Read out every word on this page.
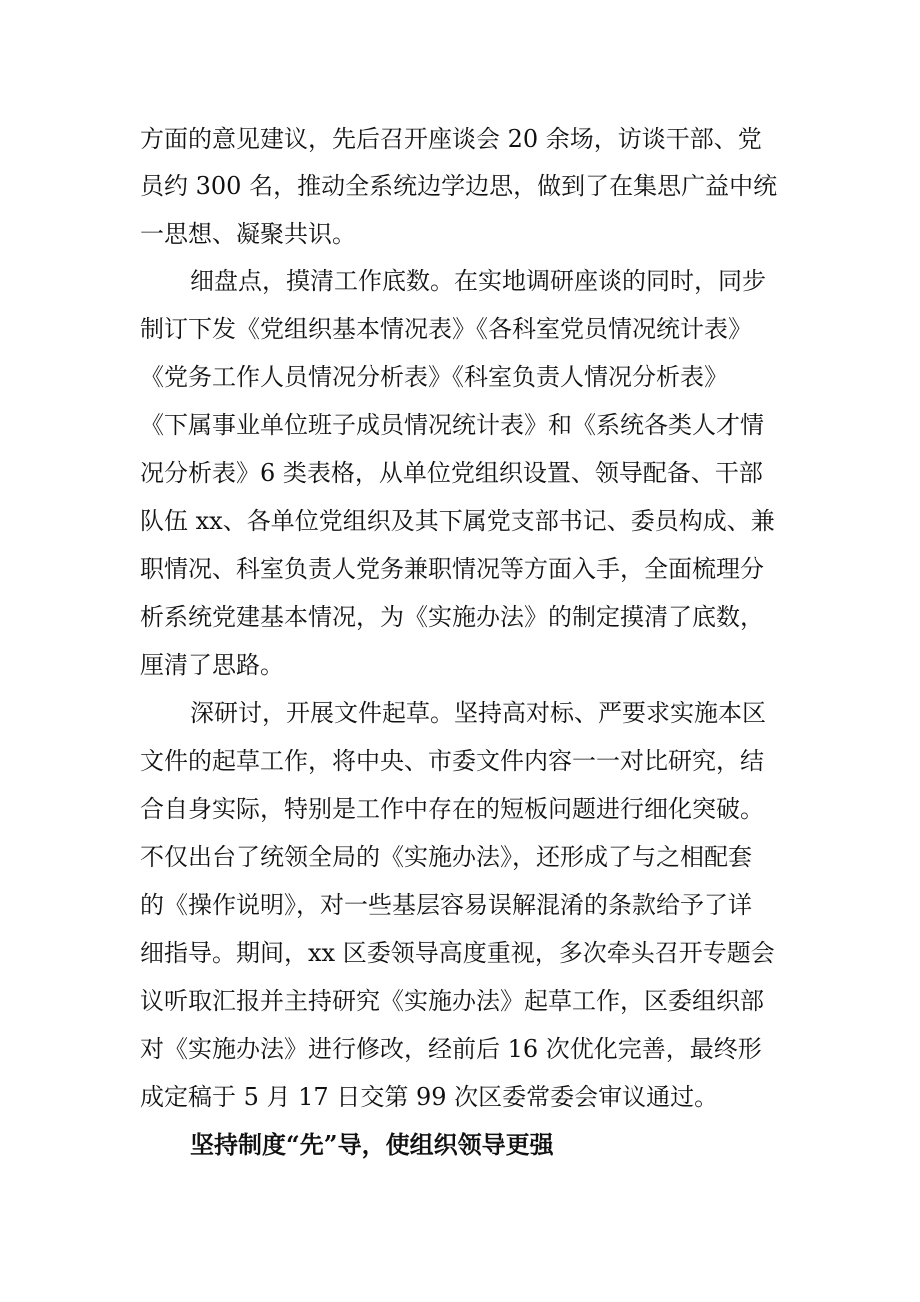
方面的意见建议，先后召开座谈会 20 余场，访谈干部、党
员约 300 名，推动全系统边学边思，做到了在集思广益中统
一思想、凝聚共识。
细盘点，摸清工作底数。在实地调研座谈的同时，同步
制订下发《党组织基本情况表》《各科室党员情况统计表》
《党务工作人员情况分析表》《科室负责人情况分析表》
《下属事业单位班子成员情况统计表》和《系统各类人才情
况分析表》6 类表格，从单位党组织设置、领导配备、干部
队伍 xx、各单位党组织及其下属党支部书记、委员构成、兼
职情况、科室负责人党务兼职情况等方面入手，全面梳理分
析系统党建基本情况，为《实施办法》的制定摸清了底数，
厘清了思路。
深研讨，开展文件起草。坚持高对标、严要求实施本区
文件的起草工作，将中央、市委文件内容一一对比研究，结
合自身实际，特别是工作中存在的短板问题进行细化突破。
不仅出台了统领全局的《实施办法》，还形成了与之相配套
的《操作说明》，对一些基层容易误解混淆的条款给予了详
细指导。期间，xx 区委领导高度重视，多次牵头召开专题会
议听取汇报并主持研究《实施办法》起草工作，区委组织部
对《实施办法》进行修改，经前后 16 次优化完善，最终形
成定稿于 5 月 17 日交第 99 次区委常委会审议通过。
坚持制度“先”导，使组织领导更强
